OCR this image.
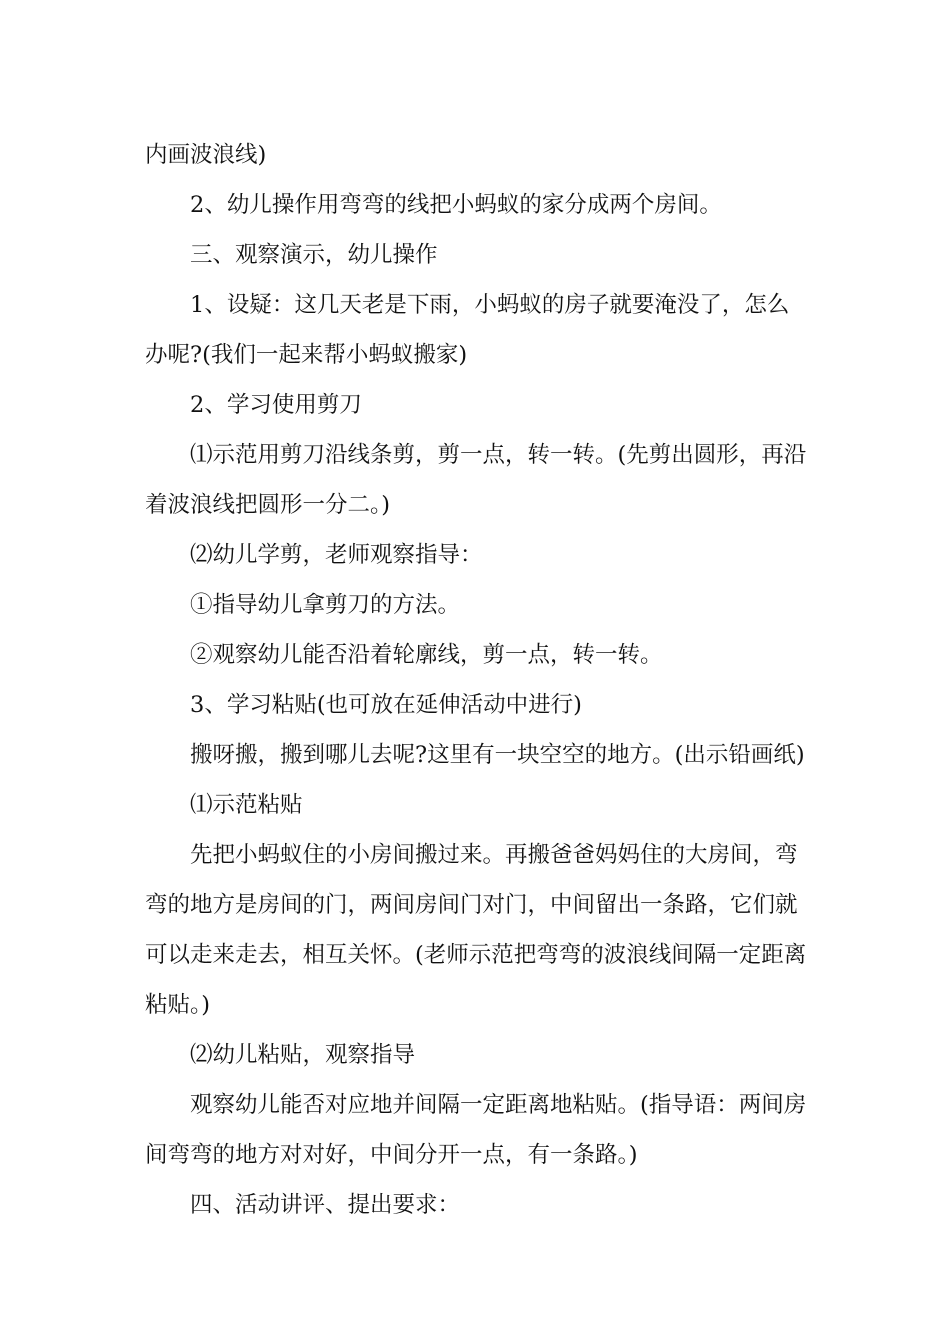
内画波浪线)

2、幼儿操作用弯弯的线把小蚂蚁的家分成两个房间。

三、观察演示，幼儿操作

1、设疑：这几天老是下雨，小蚂蚁的房子就要淹没了，怎么办呢?(我们一起来帮小蚂蚁搬家)

2、学习使用剪刀

⑴示范用剪刀沿线条剪，剪一点，转一转。(先剪出圆形，再沿着波浪线把圆形一分二。)

⑵幼儿学剪，老师观察指导：

①指导幼儿拿剪刀的方法。

②观察幼儿能否沿着轮廓线，剪一点，转一转。

3、学习粘贴(也可放在延伸活动中进行)

搬呀搬，搬到哪儿去呢?这里有一块空空的地方。(出示铅画纸)

⑴示范粘贴

先把小蚂蚁住的小房间搬过来。再搬爸爸妈妈住的大房间，弯弯的地方是房间的门，两间房间门对门，中间留出一条路，它们就可以走来走去，相互关怀。(老师示范把弯弯的波浪线间隔一定距离粘贴。)

⑵幼儿粘贴，观察指导

观察幼儿能否对应地并间隔一定距离地粘贴。(指导语：两间房间弯弯的地方对对好，中间分开一点，有一条路。)

四、活动讲评、提出要求：
